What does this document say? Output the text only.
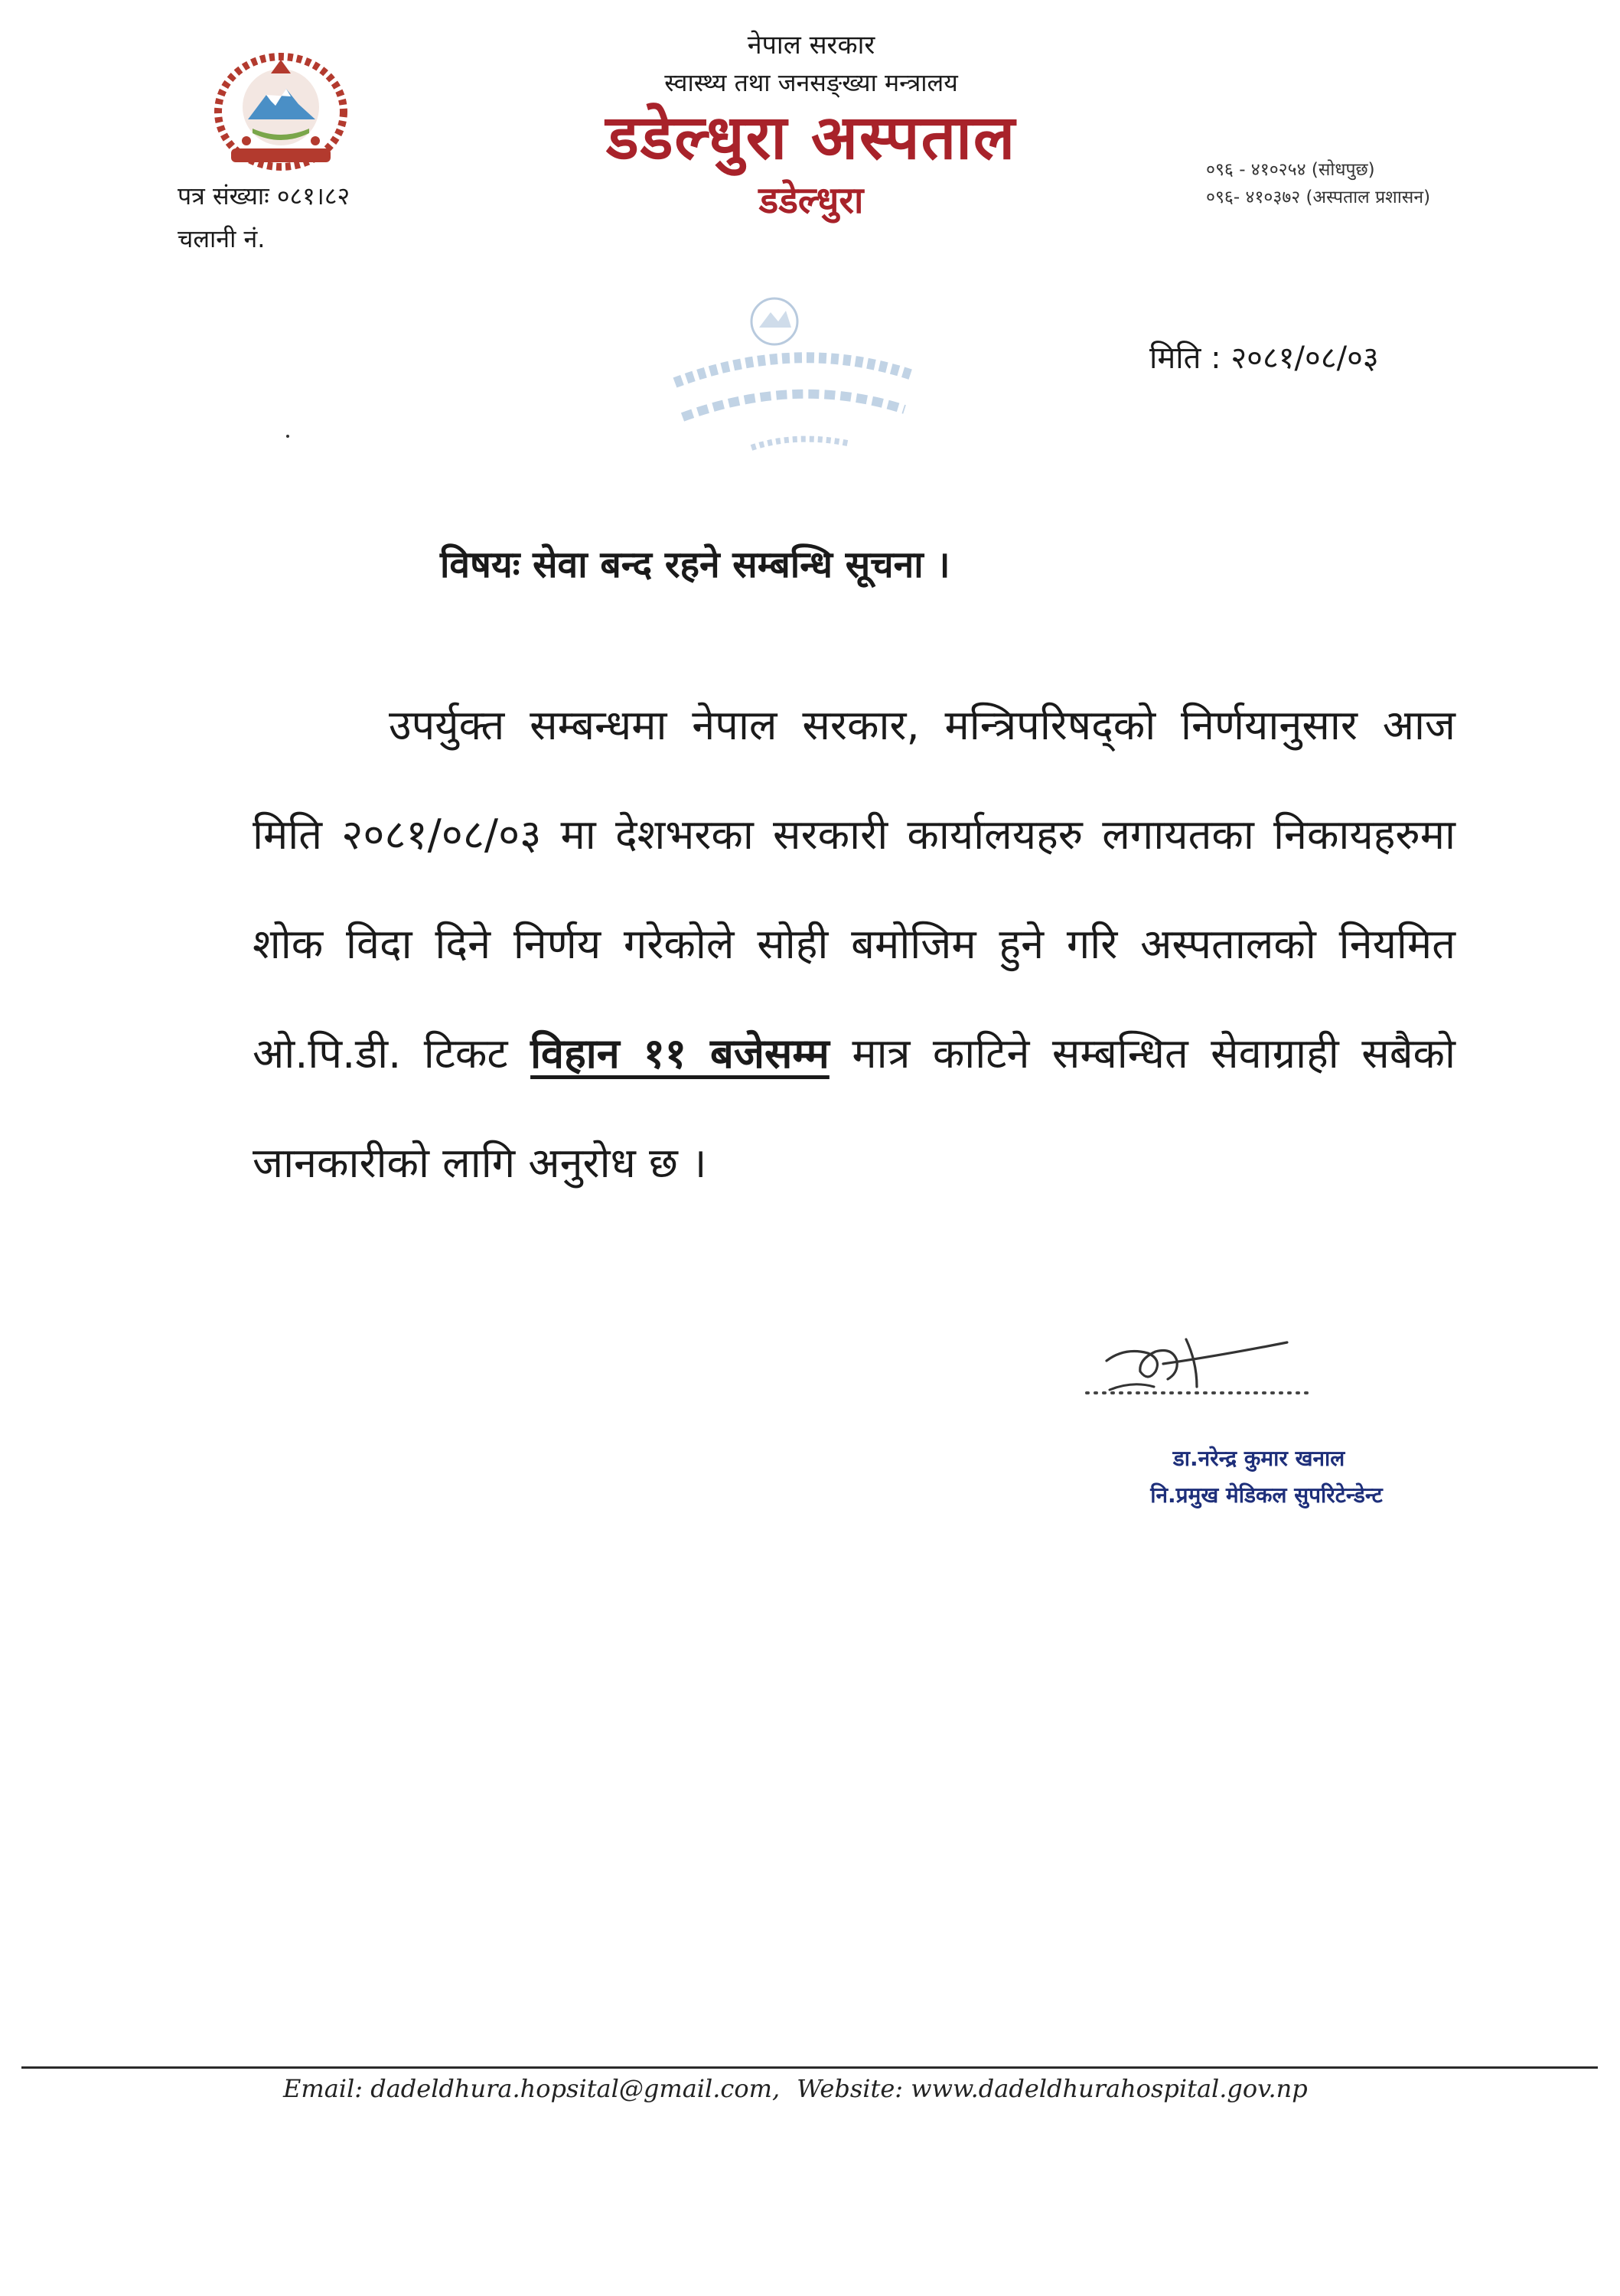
नेपाल सरकार
स्वास्थ्य तथा जनसङ्ख्या मन्त्रालय
डडेल्धुरा अस्पताल
डडेल्धुरा
पत्र संख्याः ०८१।८२
चलानी नं.
०९६ - ४१०२५४ (सोधपुछ)
०९६- ४१०३७२ (अस्पताल प्रशासन)
मिति : २०८१/०८/०३
विषयः सेवा बन्द रहने सम्बन्धि सूचना ।
उपर्युक्त सम्बन्धमा नेपाल सरकार, मन्त्रिपरिषद्को निर्णयानुसार आज मिति २०८१/०८/०३ मा देशभरका सरकारी कार्यालयहरु लगायतका निकायहरुमा शोक विदा दिने निर्णय गरेकोले सोही बमोजिम हुने गरि अस्पतालको नियमित ओ.पि.डी. टिकट विहान ११ बजेसम्म मात्र काटिने सम्बन्धित सेवाग्राही सबैको जानकारीको लागि अनुरोध छ ।
डा.नरेन्द्र कुमार खनाल
नि.प्रमुख मेडिकल सुपरिटेन्डेन्ट
Email: dadeldhura.hopsital@gmail.com, Website: www.dadeldhurahospital.gov.np
